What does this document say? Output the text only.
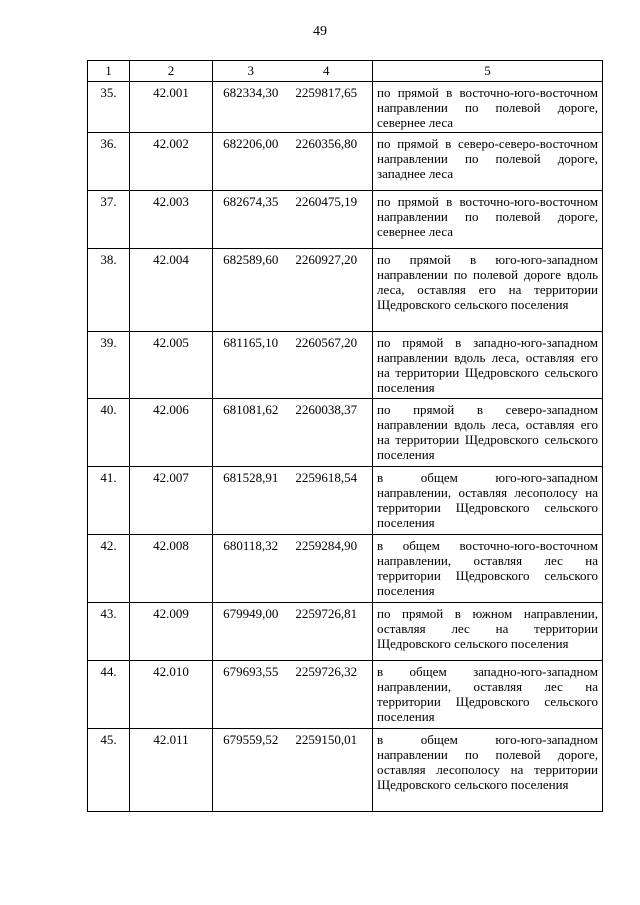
49
1	2	3	4	5
35.	42.001	682334,30	2259817,65	по прямой в восточно-юго-восточном направлении по полевой дороге, севернее леса
36.	42.002	682206,00	2260356,80	по прямой в северо-северо-восточном направлении по полевой дороге, западнее леса
37.	42.003	682674,35	2260475,19	по прямой в восточно-юго-восточном направлении по полевой дороге, севернее леса
38.	42.004	682589,60	2260927,20	по прямой в юго-юго-западном направлении по полевой дороге вдоль леса, оставляя его на территории Щедровского сельского поселения
39.	42.005	681165,10	2260567,20	по прямой в западно-юго-западном направлении вдоль леса, оставляя его на территории Щедровского сельского поселения
40.	42.006	681081,62	2260038,37	по прямой в северо-западном направлении вдоль леса, оставляя его на территории Щедровского сельского поселения
41.	42.007	681528,91	2259618,54	в общем юго-юго-западном направлении, оставляя лесополосу на территории Щедровского сельского поселения
42.	42.008	680118,32	2259284,90	в общем восточно-юго-восточном направлении, оставляя лес на территории Щедровского сельского поселения
43.	42.009	679949,00	2259726,81	по прямой в южном направлении, оставляя лес на территории Щедровского сельского поселения
44.	42.010	679693,55	2259726,32	в общем западно-юго-западном направлении, оставляя лес на территории Щедровского сельского поселения
45.	42.011	679559,52	2259150,01	в общем юго-юго-западном направлении по полевой дороге, оставляя лесополосу на территории Щедровского сельского поселения
